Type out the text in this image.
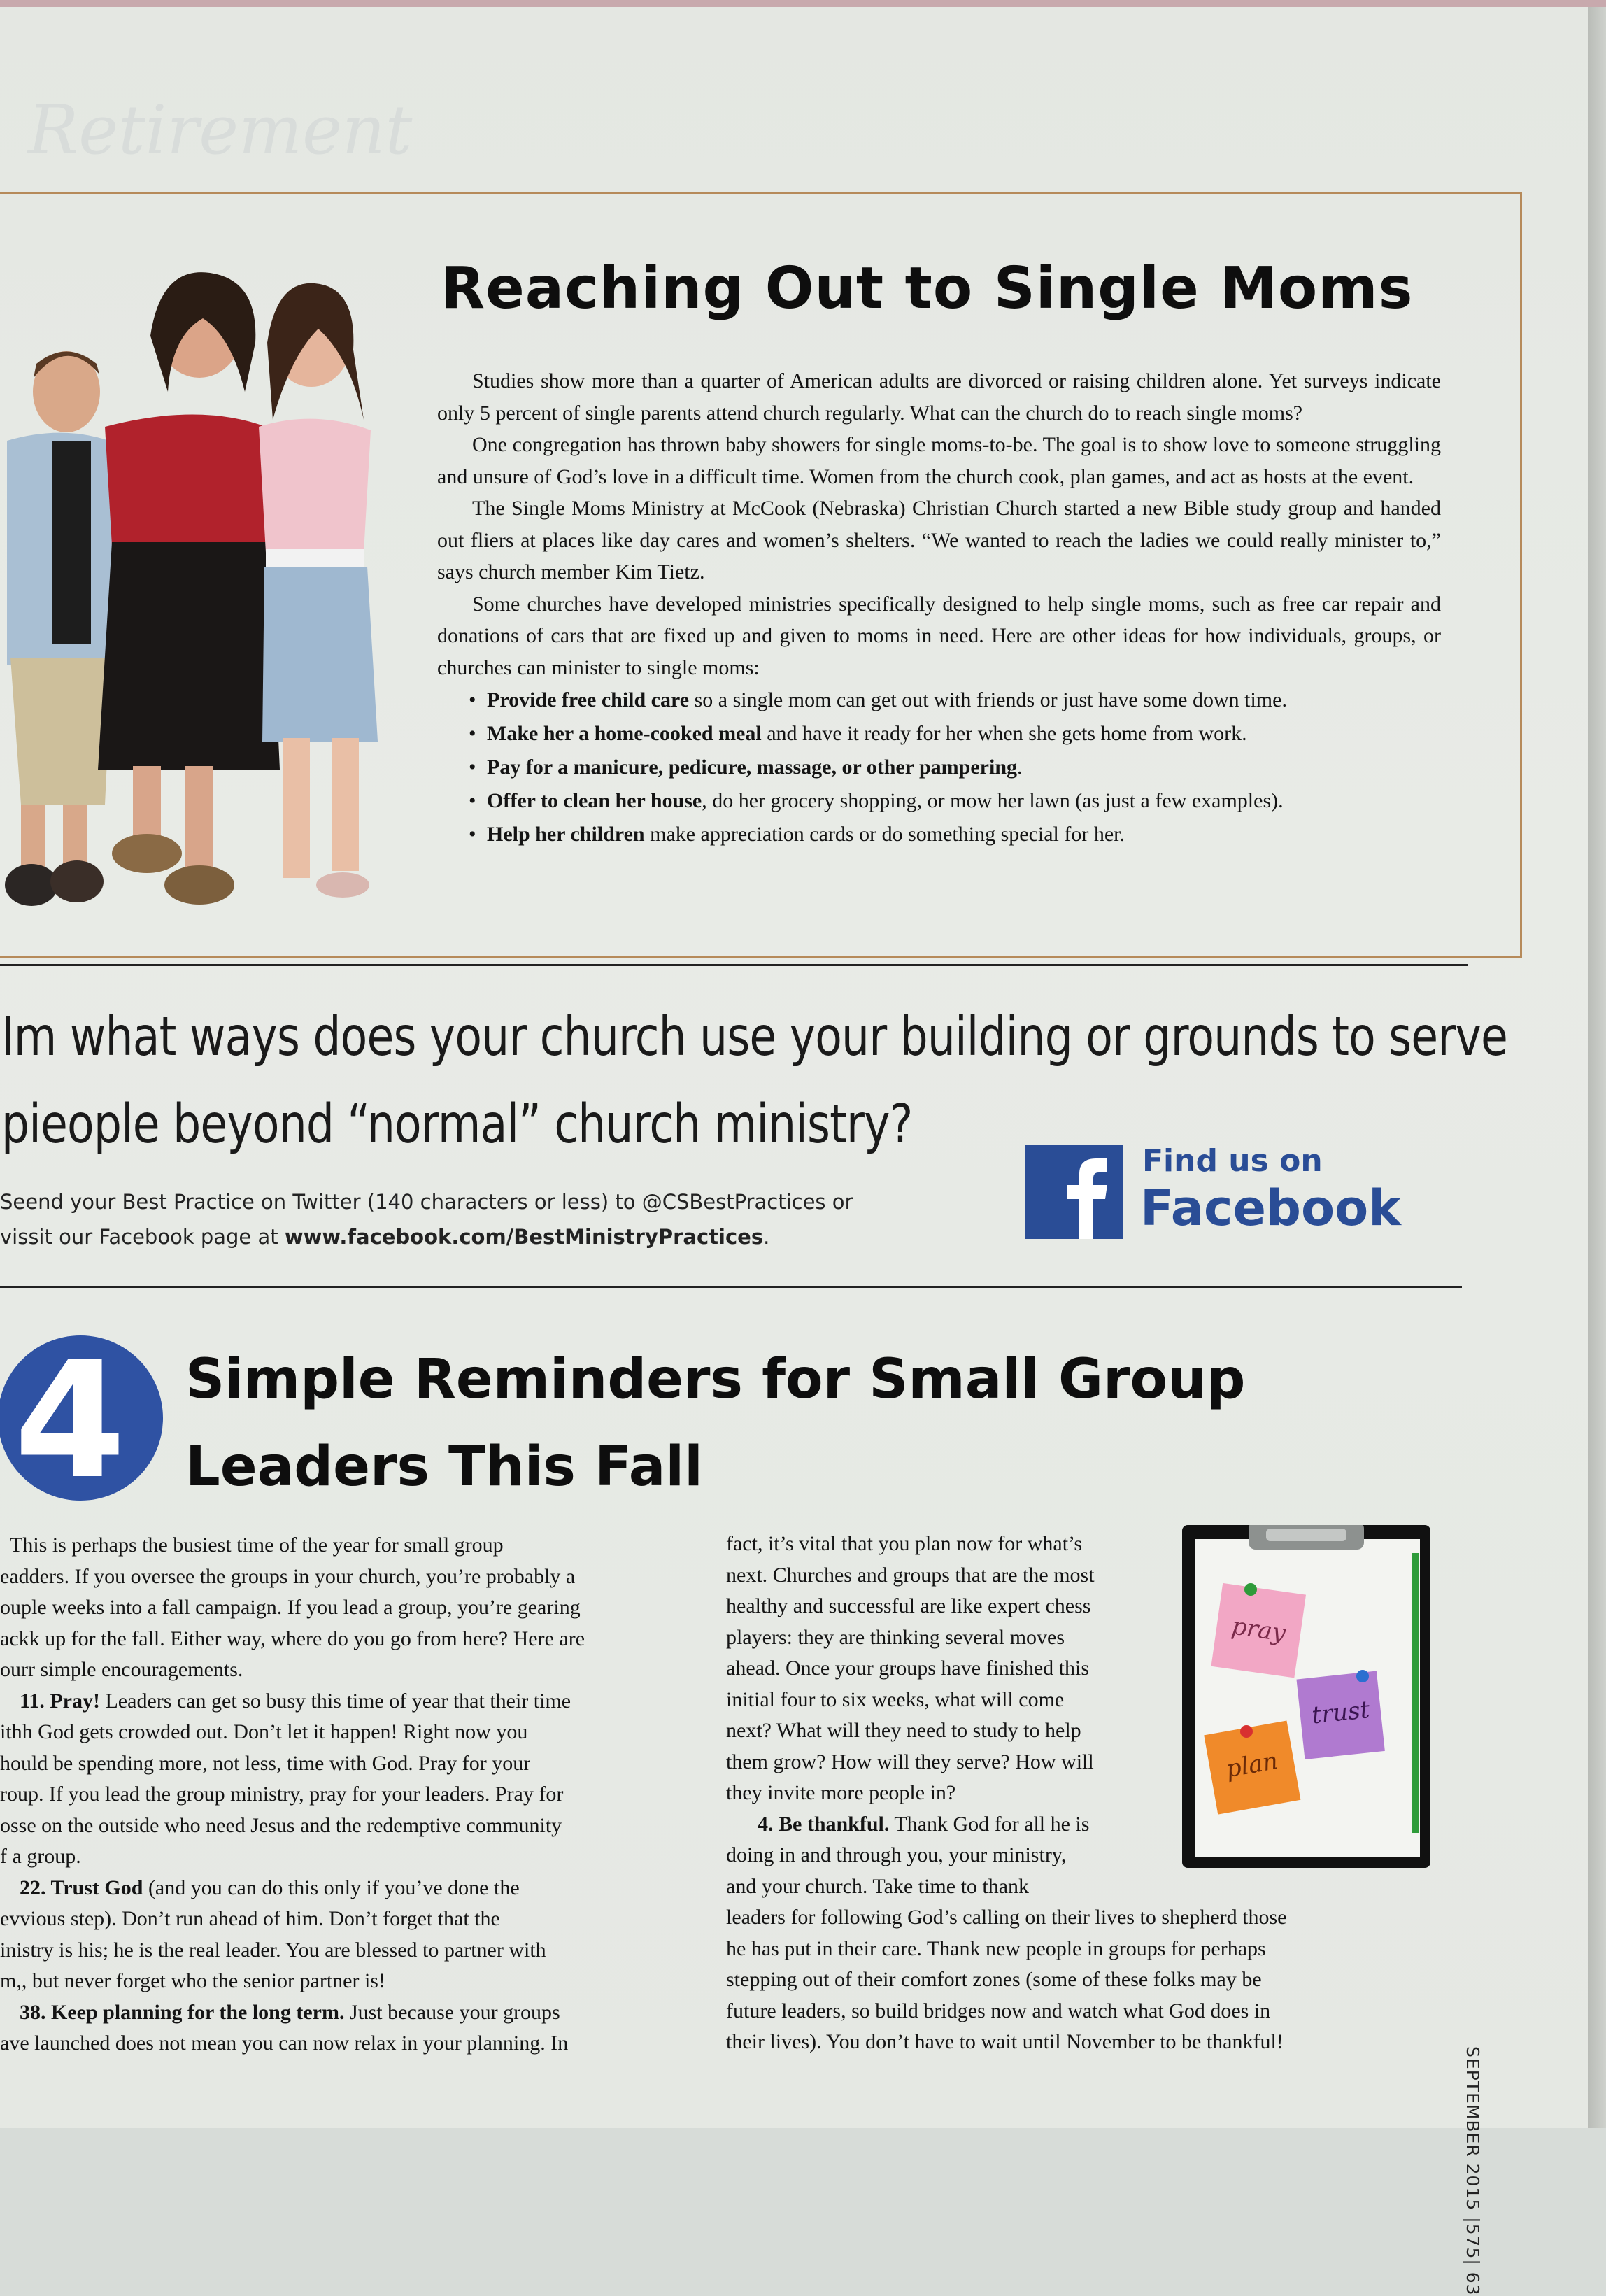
Retirement
Reaching Out to Single Moms

Studies show more than a quarter of American adults are divorced or raising children alone. Yet surveys indicate only 5 percent of single parents attend church regularly. What can the church do to reach single moms?

One congregation has thrown baby showers for single moms-to-be. The goal is to show love to someone struggling and unsure of God’s love in a difficult time. Women from the church cook, plan games, and act as hosts at the event.

The Single Moms Ministry at McCook (Nebraska) Christian Church started a new Bible study group and handed out fliers at places like day cares and women’s shelters. “We wanted to reach the ladies we could really minister to,” says church member Kim Tietz.

Some churches have developed ministries specifically designed to help single moms, such as free car repair and donations of cars that are fixed up and given to moms in need. Here are other ideas for how individuals, groups, or churches can minister to single moms:

• Provide free child care so a single mom can get out with friends or just have some down time.
• Make her a home-cooked meal and have it ready for her when she gets home from work.
• Pay for a manicure, pedicure, massage, or other pampering.
• Offer to clean her house, do her grocery shopping, or mow her lawn (as just a few examples).
• Help her children make appreciation cards or do something special for her.
Im what ways does your church use your building or grounds to serve
pieople beyond “normal” church ministry?
Seend your Best Practice on Twitter (140 characters or less) to @CSBestPractices or
vissit our Facebook page at www.facebook.com/BestMinistryPractices.
Find us on
Facebook
4 Simple Reminders for Small Group
Leaders This Fall

This is perhaps the busiest time of the year for small group

eadders. If you oversee the groups in your church, you’re probably a

ouple weeks into a fall campaign. If you lead a group, you’re gearing

ackk up for the fall. Either way, where do you go from here? Here are

ourr simple encouragements.

11. Pray! Leaders can get so busy this time of year that their time

ithh God gets crowded out. Don’t let it happen! Right now you

hould be spending more, not less, time with God. Pray for your

roup. If you lead the group ministry, pray for your leaders. Pray for

osse on the outside who need Jesus and the redemptive community

f a group.

22. Trust God (and you can do this only if you’ve done the

evvious step). Don’t run ahead of him. Don’t forget that the

inistry is his; he is the real leader. You are blessed to partner with

m,, but never forget who the senior partner is!

38. Keep planning for the long term. Just because your groups

ave launched does not mean you can now relax in your planning. In

fact, it’s vital that you plan now for what’s

next. Churches and groups that are the most

healthy and successful are like expert chess

players: they are thinking several moves

ahead. Once your groups have finished this

initial four to six weeks, what will come

next? What will they need to study to help

them grow? How will they serve? How will

they invite more people in?

4. Be thankful. Thank God for all he is

doing in and through you, your ministry,

and your church. Take time to thank

leaders for following God’s calling on their lives to shepherd those

he has put in their care. Thank new people in groups for perhaps

stepping out of their comfort zones (some of these folks may be

future leaders, so build bridges now and watch what God does in

their lives). You don’t have to wait until November to be thankful!

pray
trust
plan
SEPTEMBER 2015 |575| 63
